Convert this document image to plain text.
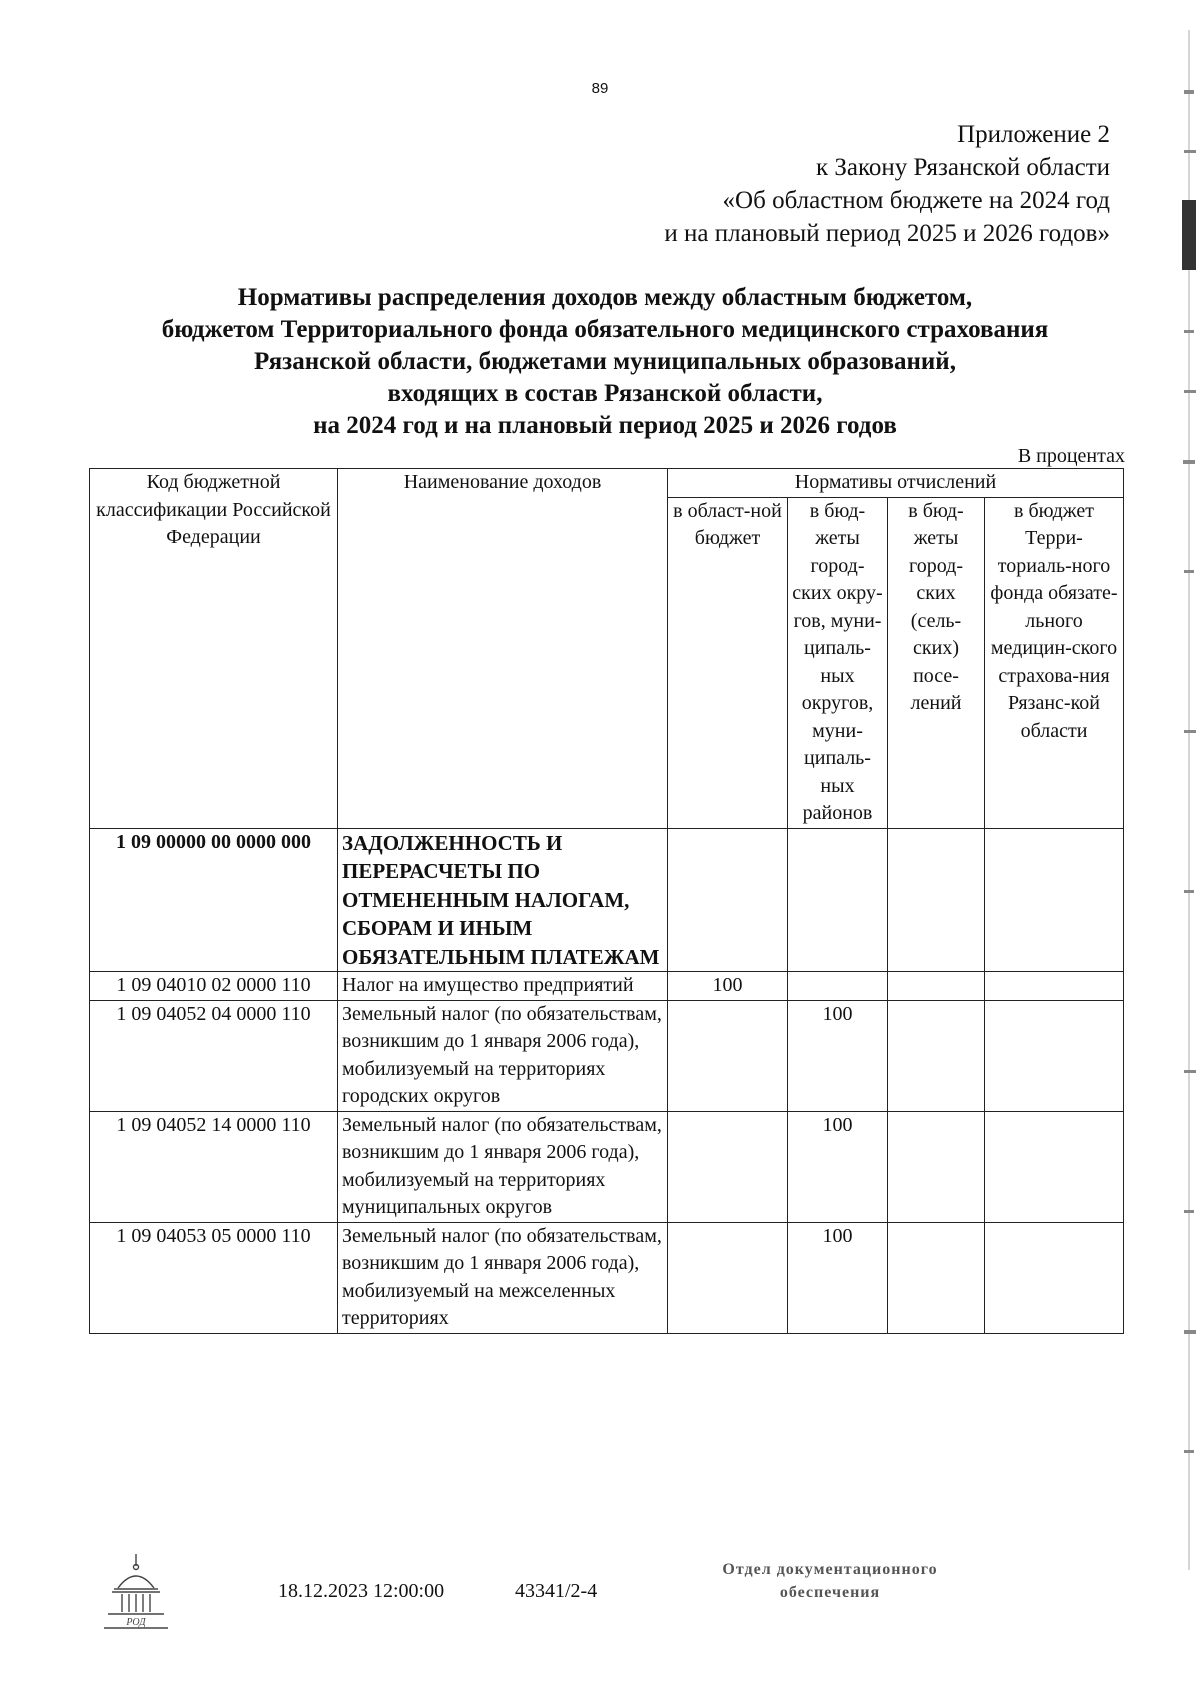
89
Приложение 2
к Закону Рязанской области
«Об областном бюджете на 2024 год
и на плановый период 2025 и 2026 годов»
Нормативы распределения доходов между областным бюджетом,
бюджетом Территориального фонда обязательного медицинского страхования
Рязанской области, бюджетами муниципальных образований,
входящих в состав Рязанской области,
на 2024 год и на плановый период 2025 и 2026 годов
В процентах
Код бюджетной классификации Российской Федерации	Наименование доходов	Нормативы отчислений			
		в област-ной бюджет	в бюд-жеты город-ских окру-гов, муни-ципаль-ных округов, муни-ципаль-ных районов	в бюд-жеты город-ских (сель-ских) посе-лений	в бюджет Терри-ториаль-ного фонда обязате-льного медицин-ского страхова-ния Рязанс-кой области
1 09 00000 00 0000 000	ЗАДОЛЖЕННОСТЬ И ПЕРЕРАСЧЕТЫ ПО ОТМЕНЕННЫМ НАЛОГАМ, СБОРАМ И ИНЫМ ОБЯЗАТЕЛЬНЫМ ПЛАТЕЖАМ				
1 09 04010 02 0000 110	Налог на имущество предприятий	100			
1 09 04052 04 0000 110	Земельный налог (по обязательствам, возникшим до 1 января 2006 года), мобилизуемый на территориях городских округов		100		
1 09 04052 14 0000 110	Земельный налог (по обязательствам, возникшим до 1 января 2006 года), мобилизуемый на территориях муниципальных округов		100		
1 09 04053 05 0000 110	Земельный налог (по обязательствам, возникшим до 1 января 2006 года), мобилизуемый на межселенных территориях		100		
РОД
18.12.2023 12:00:00	43341/2-4
Отдел документационного
обеспечения
